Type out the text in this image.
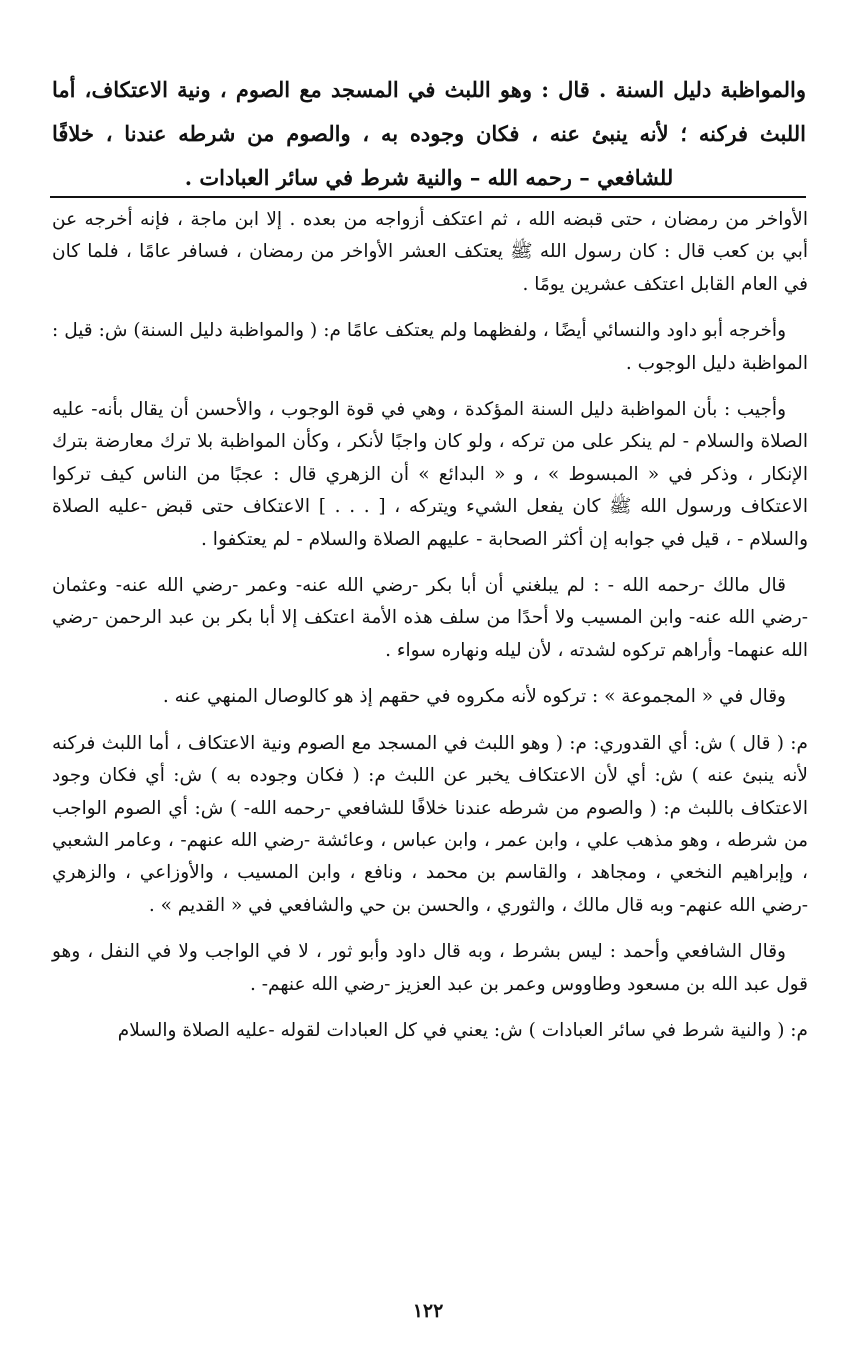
والمواظبة دليل السنة . قال : وهو اللبث في المسجد مع الصوم ، ونية الاعتكاف، أما اللبث فركنه ؛ لأنه ينبئ عنه ، فكان وجوده به ، والصوم من شرطه عندنا ، خلافًا للشافعي – رحمه الله – والنية شرط في سائر العبادات .

الأواخر من رمضان ، حتى قبضه الله ، ثم اعتكف أزواجه من بعده . إلا ابن ماجة ، فإنه أخرجه عن أبي بن كعب قال : كان رسول الله ﷺ يعتكف العشر الأواخر من رمضان ، فسافر عامًا ، فلما كان في العام القابل اعتكف عشرين يومًا .

وأخرجه أبو داود والنسائي أيضًا ، ولفظهما ولم يعتكف عامًا م: ( والمواظبة دليل السنة) ش: قيل : المواظبة دليل الوجوب .

وأجيب : بأن المواظبة دليل السنة المؤكدة ، وهي في قوة الوجوب ، والأحسن أن يقال بأنه- عليه الصلاة والسلام - لم ينكر على من تركه ، ولو كان واجبًا لأنكر ، وكأن المواظبة بلا ترك معارضة بترك الإنكار ، وذكر في « المبسوط » ، و « البدائع » أن الزهري قال : عجبًا من الناس كيف تركوا الاعتكاف ورسول الله ﷺ كان يفعل الشيء ويتركه ، [ . . . ] الاعتكاف حتى قبض -عليه الصلاة والسلام - ، قيل في جوابه إن أكثر الصحابة - عليهم الصلاة والسلام - لم يعتكفوا .

قال مالك -رحمه الله - : لم يبلغني أن أبا بكر -رضي الله عنه- وعمر -رضي الله عنه- وعثمان -رضي الله عنه- وابن المسيب ولا أحدًا من سلف هذه الأمة اعتكف إلا أبا بكر بن عبد الرحمن -رضي الله عنهما- وأراهم تركوه لشدته ، لأن ليله ونهاره سواء .

وقال في « المجموعة » : تركوه لأنه مكروه في حقهم إذ هو كالوصال المنهي عنه .

م: ( قال ) ش: أي القدوري: م: ( وهو اللبث في المسجد مع الصوم ونية الاعتكاف ، أما اللبث فركنه لأنه ينبئ عنه ) ش: أي لأن الاعتكاف يخبر عن اللبث م: ( فكان وجوده به ) ش: أي فكان وجود الاعتكاف باللبث م: ( والصوم من شرطه عندنا خلافًا للشافعي -رحمه الله- ) ش: أي الصوم الواجب من شرطه ، وهو مذهب علي ، وابن عمر ، وابن عباس ، وعائشة -رضي الله عنهم- ، وعامر الشعبي ، وإبراهيم النخعي ، ومجاهد ، والقاسم بن محمد ، ونافع ، وابن المسيب ، والأوزاعي ، والزهري -رضي الله عنهم- وبه قال مالك ، والثوري ، والحسن بن حي والشافعي في « القديم » .

وقال الشافعي وأحمد : ليس بشرط ، وبه قال داود وأبو ثور ، لا في الواجب ولا في النفل ، وهو قول عبد الله بن مسعود وطاووس وعمر بن عبد العزيز -رضي الله عنهم- .

م: ( والنية شرط في سائر العبادات ) ش: يعني في كل العبادات لقوله -عليه الصلاة والسلام

١٢٢
